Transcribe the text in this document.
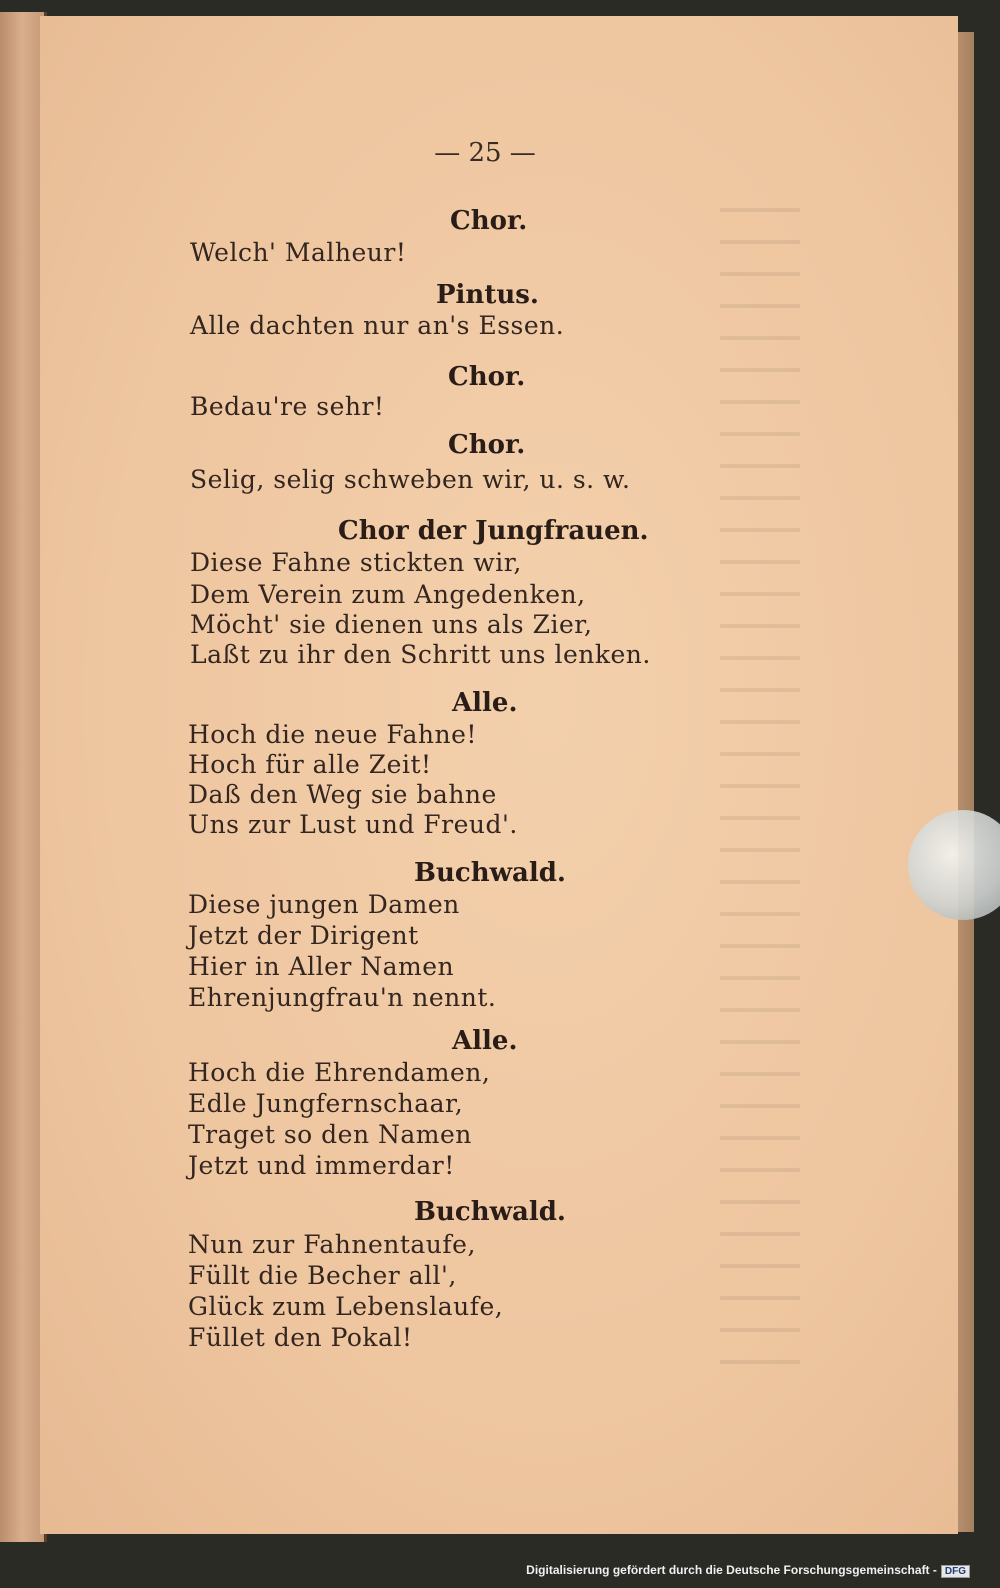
— 25 —
Chor.
Welch' Malheur!
Pintus.
Alle dachten nur an's Essen.
Chor.
Bedau're sehr!
Chor.
Selig, selig schweben wir, u. s. w.
Chor der Jungfrauen.
Diese Fahne stickten wir,
Dem Verein zum Angedenken,
Möcht' sie dienen uns als Zier,
Laßt zu ihr den Schritt uns lenken.
Alle.
Hoch die neue Fahne!
Hoch für alle Zeit!
Daß den Weg sie bahne
Uns zur Lust und Freud'.
Buchwald.
Diese jungen Damen
Jetzt der Dirigent
Hier in Aller Namen
Ehrenjungfrau'n nennt.
Alle.
Hoch die Ehrendamen,
Edle Jungfernschaar,
Traget so den Namen
Jetzt und immerdar!
Buchwald.
Nun zur Fahnentaufe,
Füllt die Becher all',
Glück zum Lebenslaufe,
Füllet den Pokal!
Digitalisierung gefördert durch die Deutsche Forschungsgemeinschaft - DFG
